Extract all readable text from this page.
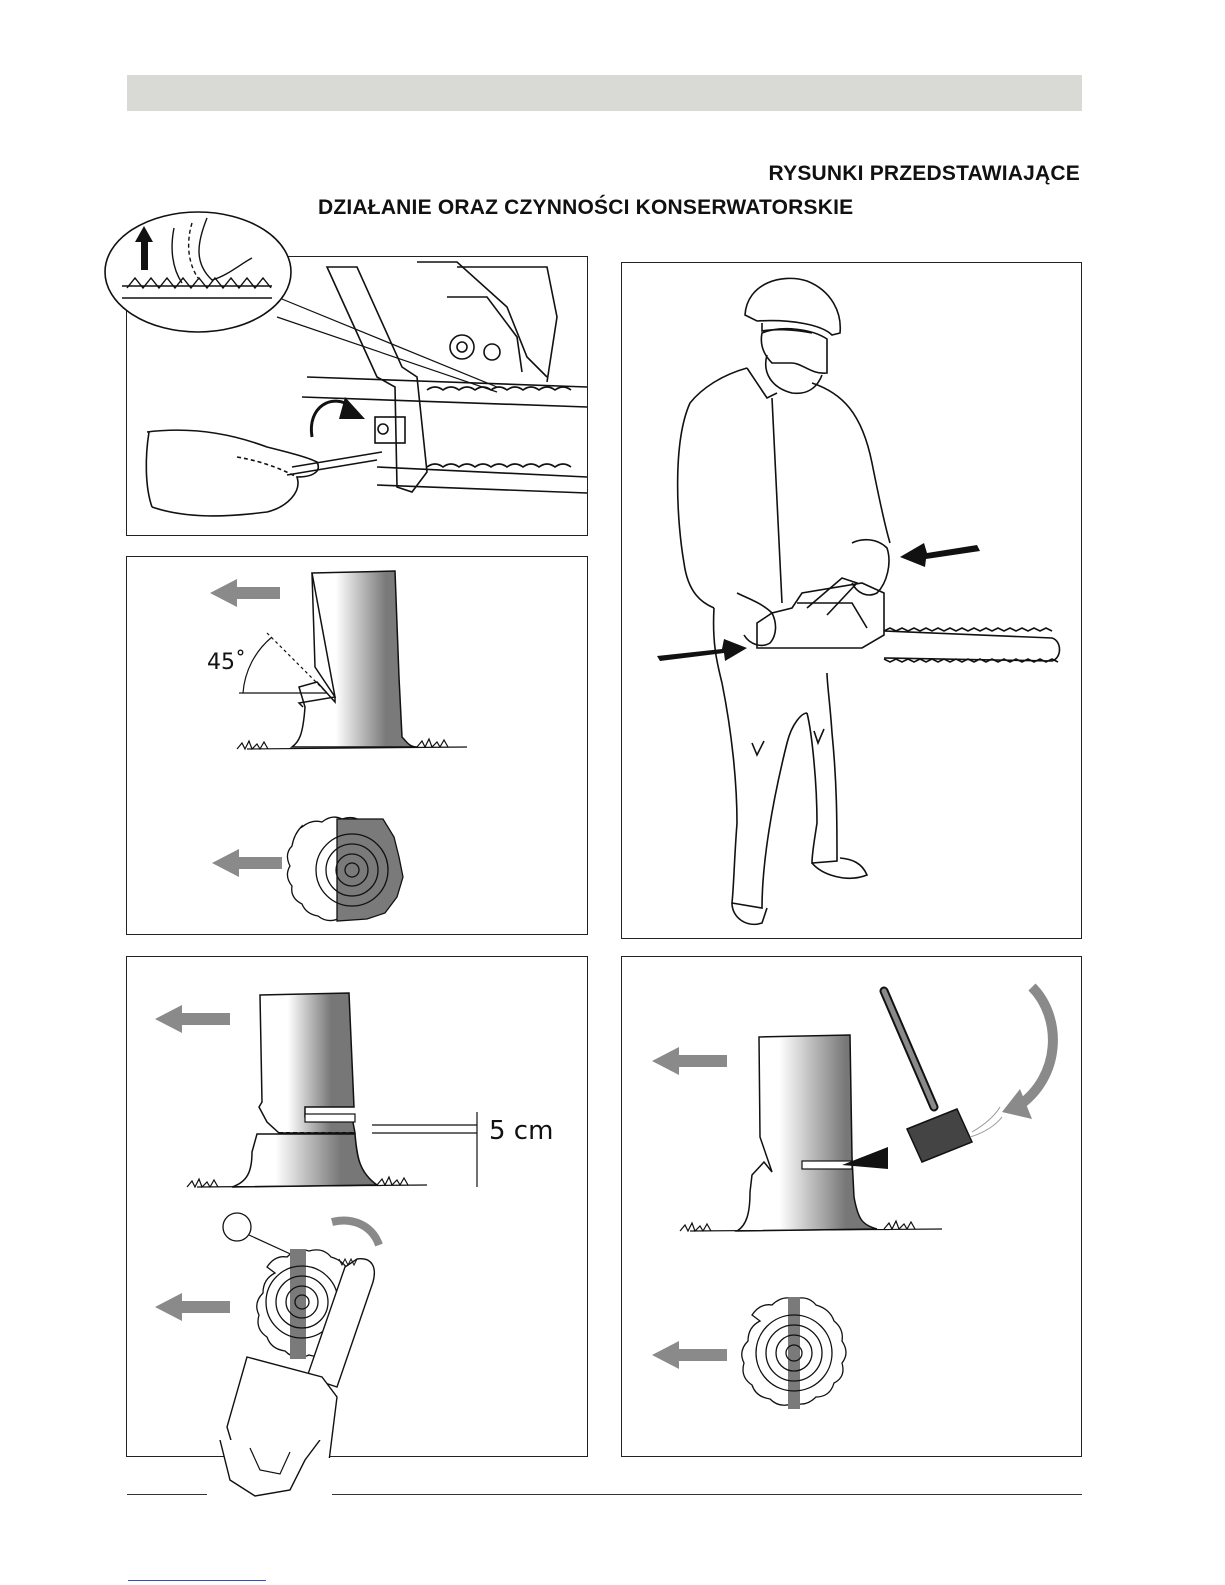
RYSUNKI PRZEDSTAWIAJĄCE
DZIAŁANIE ORAZ CZYNNOŚCI KONSERWATORSKIE
45˚
5 cm
